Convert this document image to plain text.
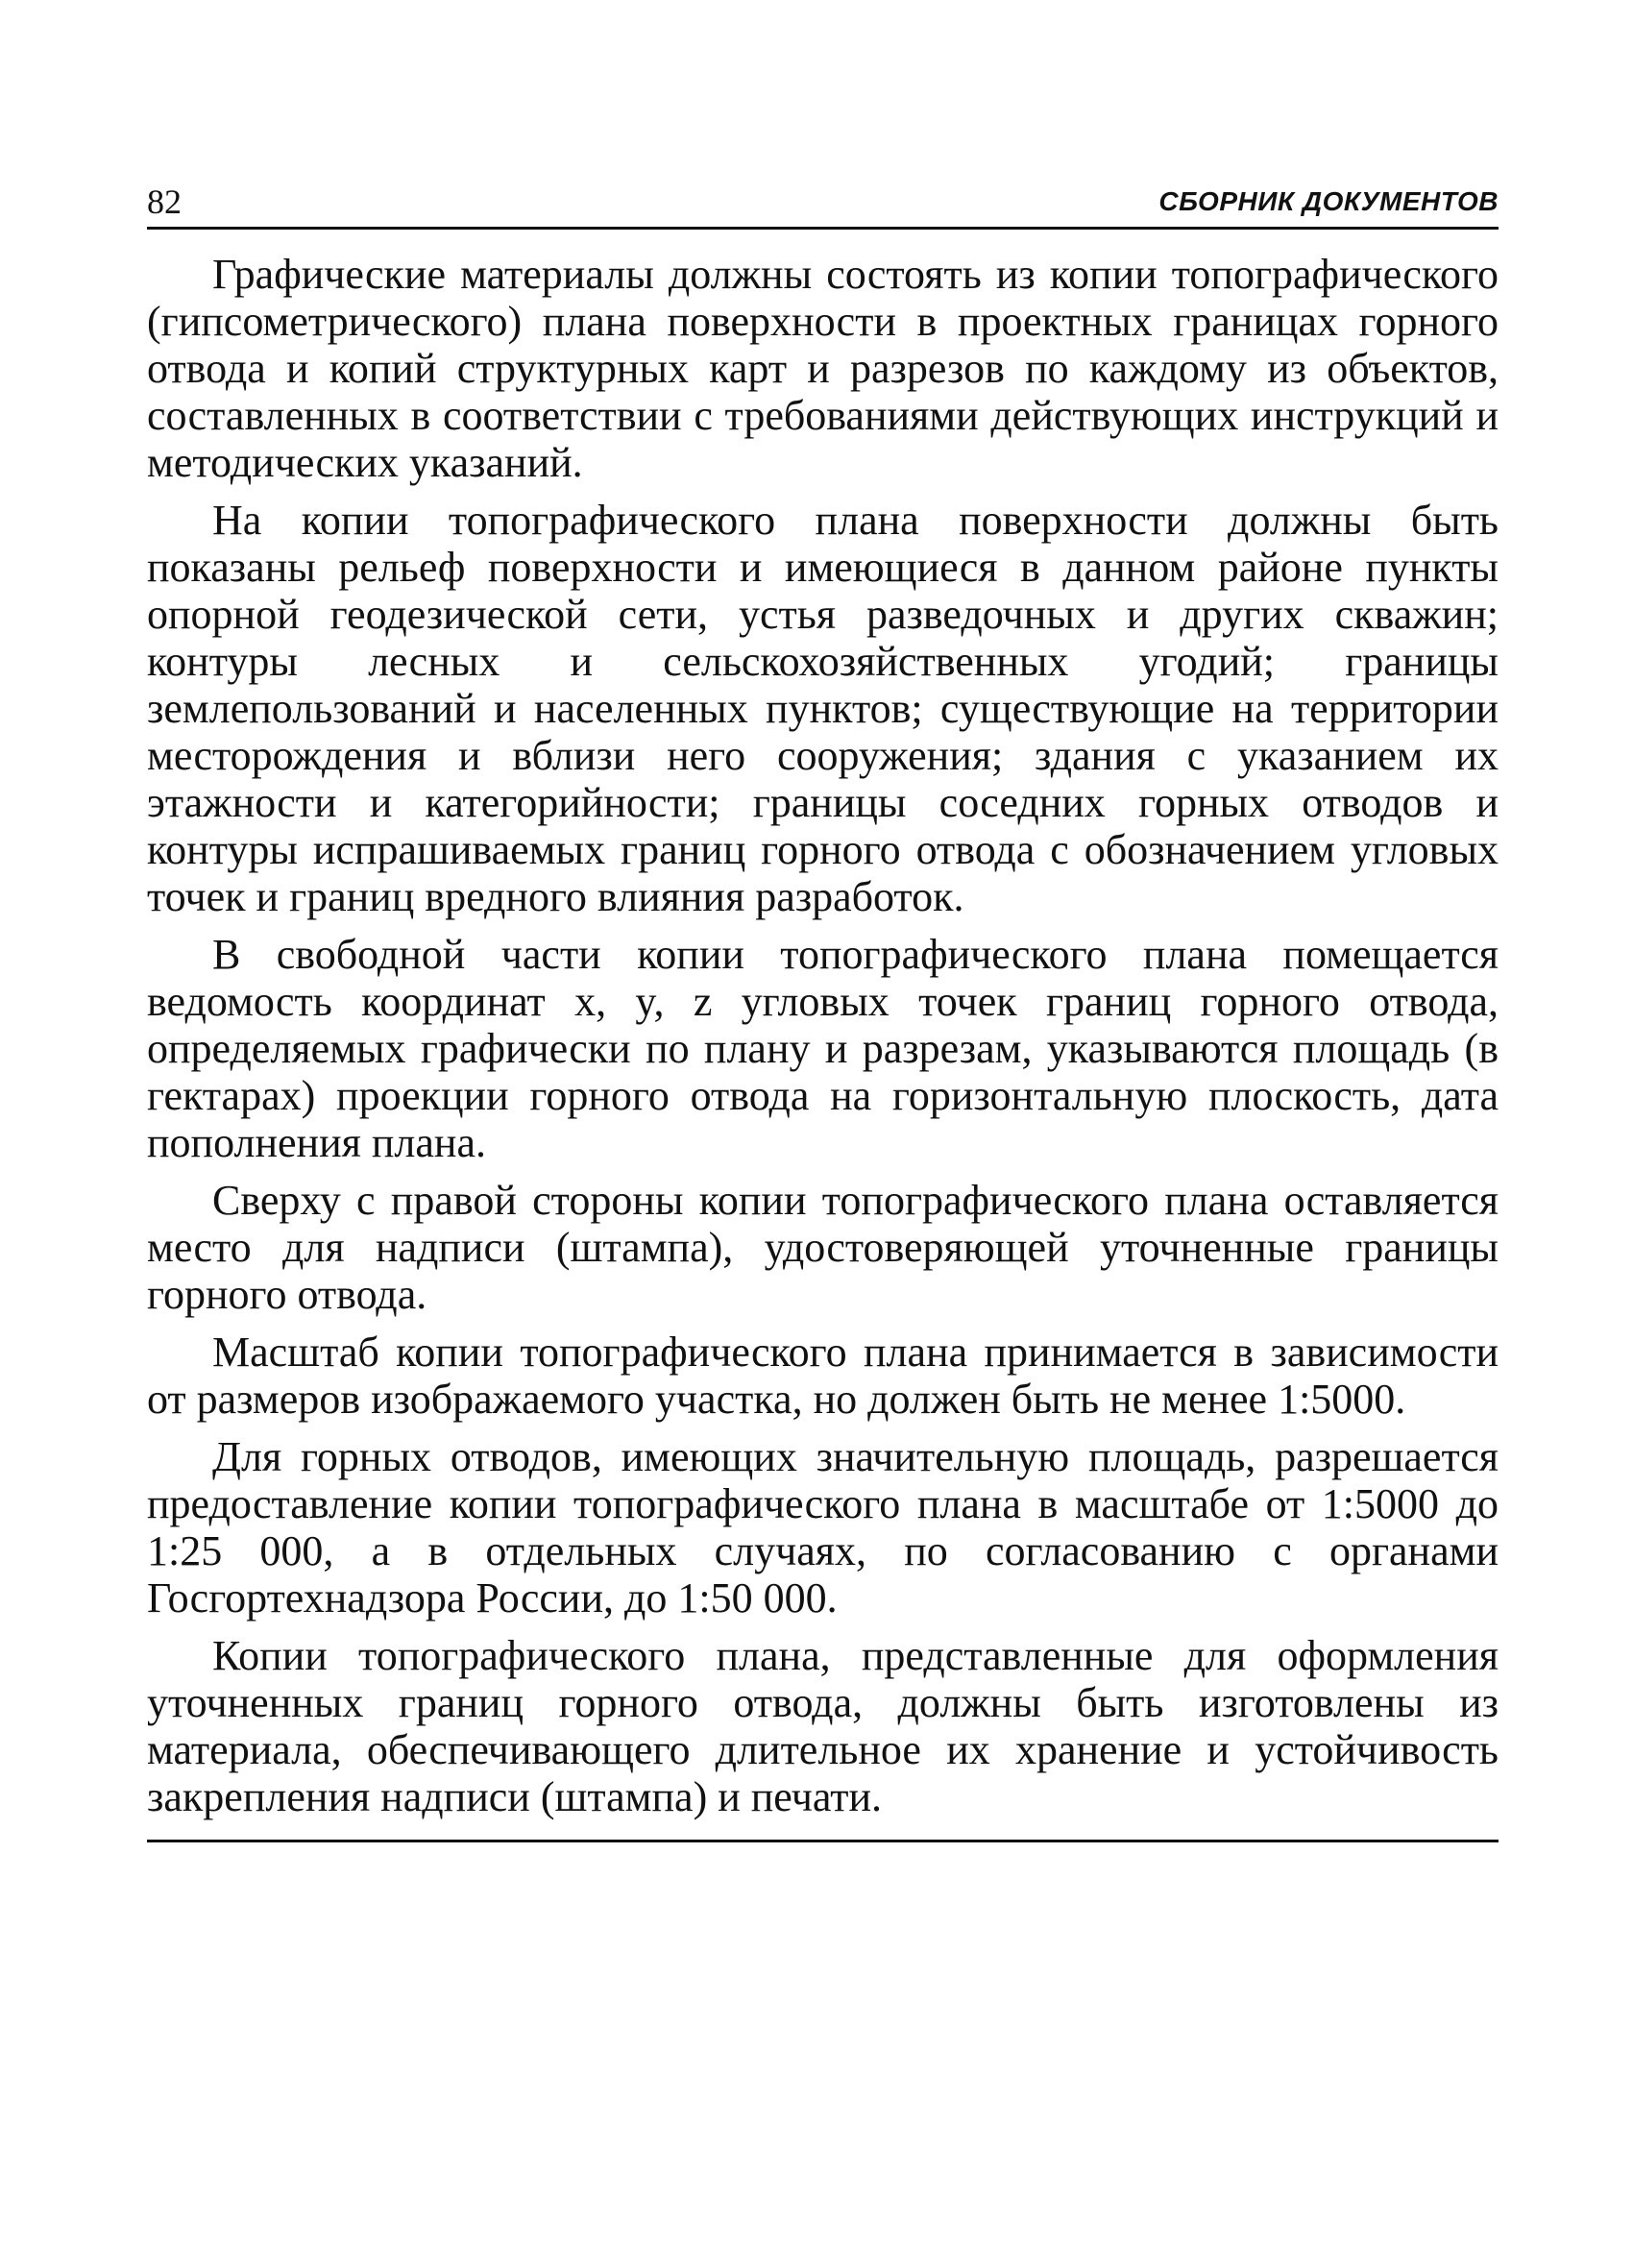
82	СБОРНИК ДОКУМЕНТОВ

Графические материалы должны состоять из копии топографического (гипсометрического) плана поверхности в проектных границах горного отвода и копий структурных карт и разрезов по каждому из объектов, составленных в соответствии с требованиями действующих инструкций и методических указаний.

На копии топографического плана поверхности должны быть показаны рельеф поверхности и имеющиеся в данном районе пункты опорной геодезической сети, устья разведочных и других скважин; контуры лесных и сельскохозяйственных угодий; границы землепользований и населенных пунктов; существующие на территории месторождения и вблизи него сооружения; здания с указанием их этажности и категорийности; границы соседних горных отводов и контуры испрашиваемых границ горного отвода с обозначением угловых точек и границ вредного влияния разработок.

В свободной части копии топографического плана помещается ведомость координат x, y, z угловых точек границ горного отвода, определяемых графически по плану и разрезам, указываются площадь (в гектарах) проекции горного отвода на горизонтальную плоскость, дата пополнения плана.

Сверху с правой стороны копии топографического плана оставляется место для надписи (штампа), удостоверяющей уточненные границы горного отвода.

Масштаб копии топографического плана принимается в зависимости от размеров изображаемого участка, но должен быть не менее 1:5000.

Для горных отводов, имеющих значительную площадь, разрешается предоставление копии топографического плана в масштабе от 1:5000 до 1:25 000, а в отдельных случаях, по согласованию с органами Госгортехнадзора России, до 1:50 000.

Копии топографического плана, представленные для оформления уточненных границ горного отвода, должны быть изготовлены из материала, обеспечивающего длительное их хранение и устойчивость закрепления надписи (штампа) и печати.
